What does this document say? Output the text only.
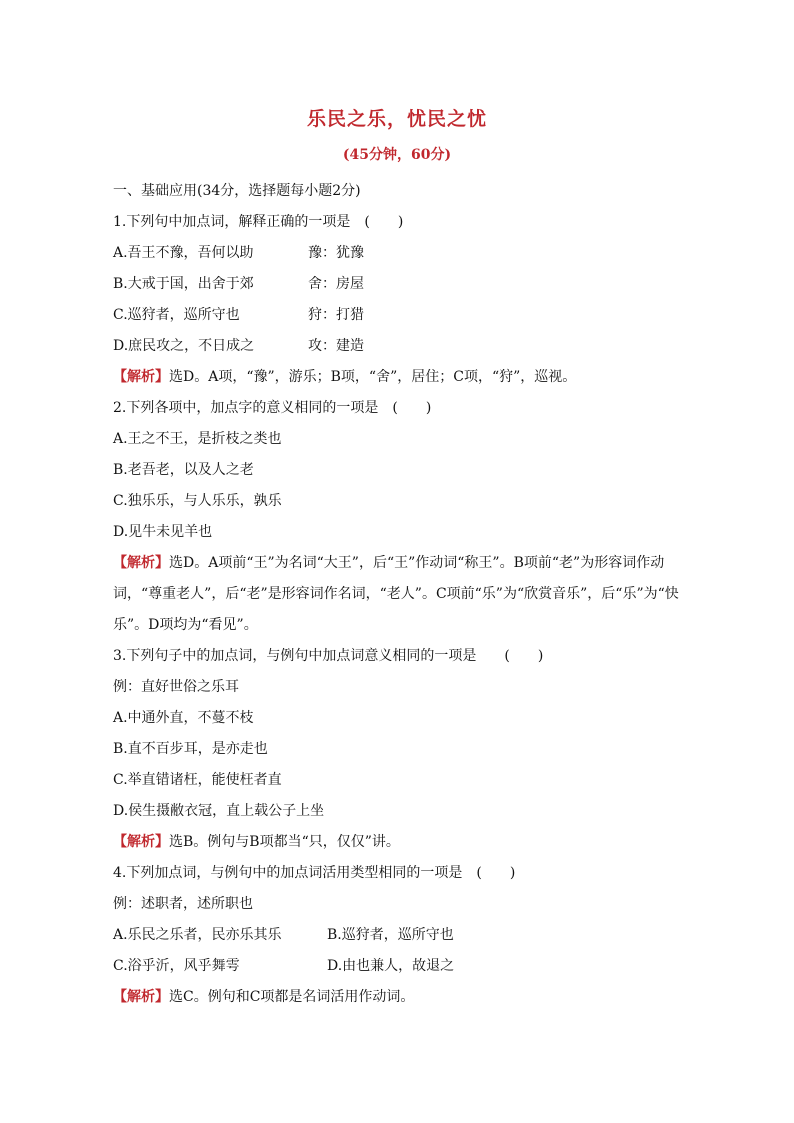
乐民之乐，忧民之忧
(45分钟，60分)
一、基础应用(34分，选择题每小题2分)
1.下列句中加点词，解释正确的一项是　(　　)
A.吾王不豫，吾何以助	豫：犹豫
B.大戒于国，出舍于郊	舍：房屋
C.巡狩者，巡所守也	狩：打猎
D.庶民攻之，不日成之	攻：建造
【解析】选D。A项，“豫”，游乐；B项，“舍”，居住；C项，“狩”，巡视。
2.下列各项中，加点字的意义相同的一项是　(　　)
A.王之不王，是折枝之类也
B.老吾老，以及人之老
C.独乐乐，与人乐乐，孰乐
D.见牛未见羊也
【解析】选D。A项前“王”为名词“大王”，后“王”作动词“称王”。B项前“老”为形容词作动词，“尊重老人”，后“老”是形容词作名词，“老人”。C项前“乐”为“欣赏音乐”，后“乐”为“快乐”。D项均为“看见”。
3.下列句子中的加点词，与例句中加点词意义相同的一项是　　(　　)
例：直好世俗之乐耳
A.中通外直，不蔓不枝
B.直不百步耳，是亦走也
C.举直错诸枉，能使枉者直
D.侯生摄敝衣冠，直上载公子上坐
【解析】选B。例句与B项都当“只，仅仅”讲。
4.下列加点词，与例句中的加点词活用类型相同的一项是　(　　)
例：述职者，述所职也
A.乐民之乐者，民亦乐其乐	B.巡狩者，巡所守也
C.浴乎沂，风乎舞雩	D.由也兼人，故退之
【解析】选C。例句和C项都是名词活用作动词。
